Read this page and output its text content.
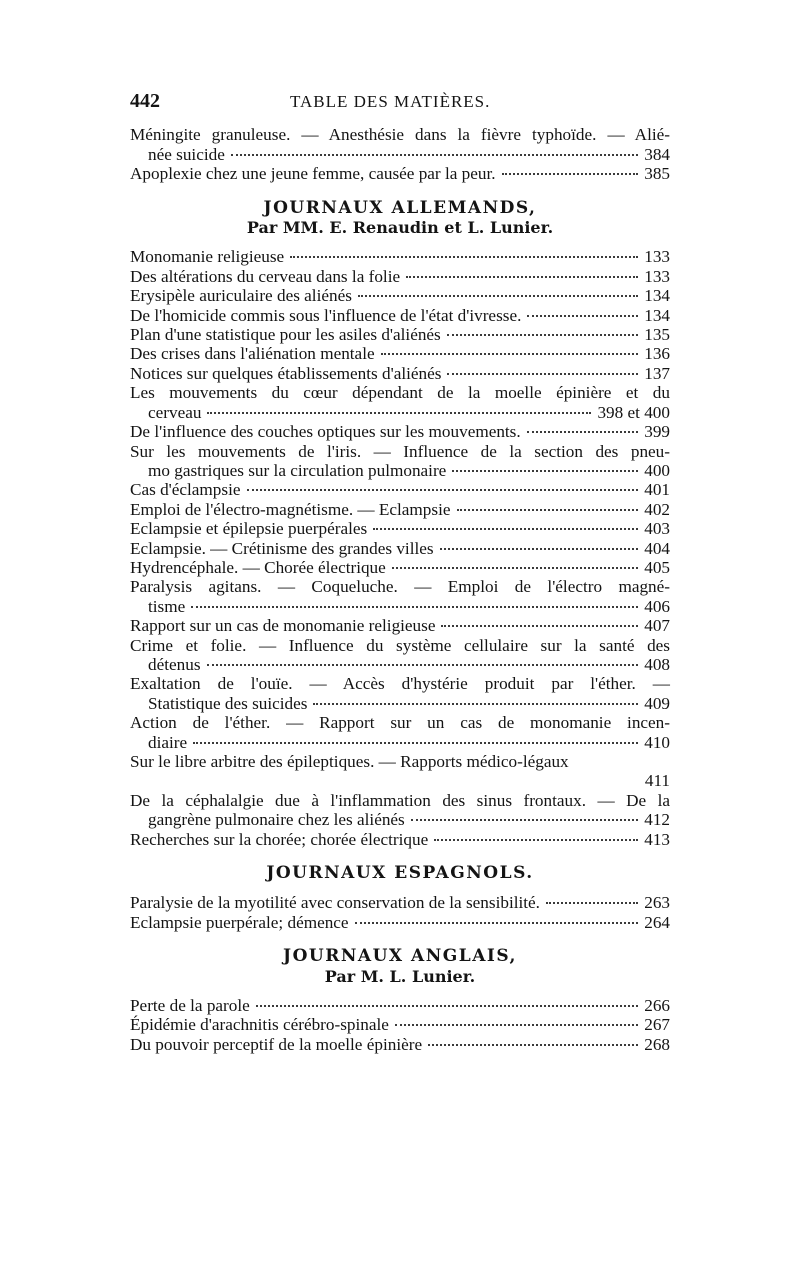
442	TABLE DES MATIÈRES.
Méningite granuleuse. — Anesthésie dans la fièvre typhoïde. — Alié-
née suicide	384
Apoplexie chez une jeune femme, causée par la peur.	385
JOURNAUX ALLEMANDS,
Par MM. E. Renaudin et L. Lunier.
Monomanie religieuse	133
Des altérations du cerveau dans la folie	133
Erysipèle auriculaire des aliénés	134
De l'homicide commis sous l'influence de l'état d'ivresse.	134
Plan d'une statistique pour les asiles d'aliénés	135
Des crises dans l'aliénation mentale	136
Notices sur quelques établissements d'aliénés	137
Les mouvements du cœur dépendant de la moelle épinière et du
cerveau	398 et 400
De l'influence des couches optiques sur les mouvements.	399
Sur les mouvements de l'iris. — Influence de la section des pneu-
mo gastriques sur la circulation pulmonaire	400
Cas d'éclampsie	401
Emploi de l'électro-magnétisme. — Eclampsie	402
Eclampsie et épilepsie puerpérales	403
Eclampsie. — Crétinisme des grandes villes	404
Hydrencéphale. — Chorée électrique	405
Paralysis agitans. — Coqueluche. — Emploi de l'électro magné-
tisme	406
Rapport sur un cas de monomanie religieuse	407
Crime et folie. — Influence du système cellulaire sur la santé des
détenus	408
Exaltation de l'ouïe. — Accès d'hystérie produit par l'éther. —
Statistique des suicides	409
Action de l'éther. — Rapport sur un cas de monomanie incen-
diaire	410
Sur le libre arbitre des épileptiques. — Rapports médico-légaux
411
De la céphalalgie due à l'inflammation des sinus frontaux. — De la
gangrène pulmonaire chez les aliénés	412
Recherches sur la chorée; chorée électrique	413
JOURNAUX ESPAGNOLS.
Paralysie de la myotilité avec conservation de la sensibilité.	263
Eclampsie puerpérale; démence	264
JOURNAUX ANGLAIS,
Par M. L. Lunier.
Perte de la parole	266
Épidémie d'arachnitis cérébro-spinale	267
Du pouvoir perceptif de la moelle épinière	268
